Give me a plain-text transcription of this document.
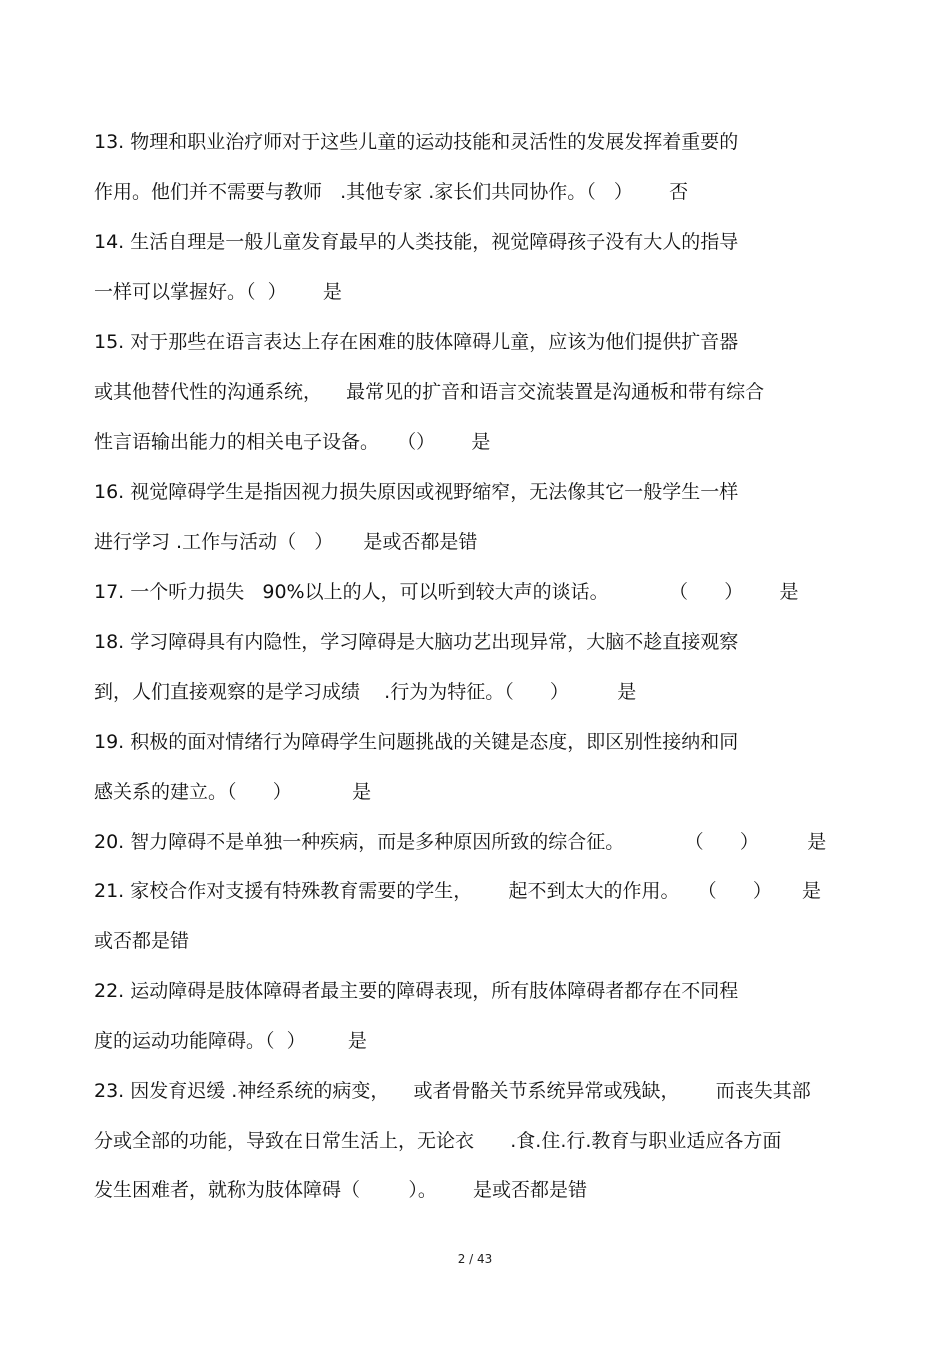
13. 物理和职业治疗师对于这些儿童的运动技能和灵活性的发展发挥着重要的

作用。他们并不需要与教师   .其他专家 .家长们共同协作。（   ）      否

14. 生活自理是一般儿童发育最早的人类技能，视觉障碍孩子没有大人的指导

一样可以掌握好。（  ）      是

15. 对于那些在语言表达上存在困难的肢体障碍儿童，应该为他们提供扩音器

或其他替代性的沟通系统，    最常见的扩音和语言交流装置是沟通板和带有综合

性言语输出能力的相关电子设备。   （）      是

16. 视觉障碍学生是指因视力损失原因或视野缩窄，无法像其它一般学生一样

进行学习 .工作与活动（   ）     是或否都是错

17. 一个听力损失   90%以上的人，可以听到较大声的谈话。          （      ）      是

18. 学习障碍具有内隐性，学习障碍是大脑功艺出现异常，大脑不趁直接观察

到，人们直接观察的是学习成绩    .行为为特征。（      ）        是

19. 积极的面对情绪行为障碍学生问题挑战的关键是态度，即区别性接纳和同

感关系的建立。（      ）          是

20. 智力障碍不是单独一种疾病，而是多种原因所致的综合征。          （      ）        是

21. 家校合作对支援有特殊教育需要的学生，      起不到太大的作用。   （      ）     是

或否都是错

22. 运动障碍是肢体障碍者最主要的障碍表现，所有肢体障碍者都存在不同程

度的运动功能障碍。（  ）       是

23. 因发育迟缓 .神经系统的病变，    或者骨骼关节系统异常或残缺，      而丧失其部

分或全部的功能，导致在日常生活上，无论衣      .食.住.行.教育与职业适应各方面

发生困难者，就称为肢体障碍（        ）。      是或否都是错

2 / 43
